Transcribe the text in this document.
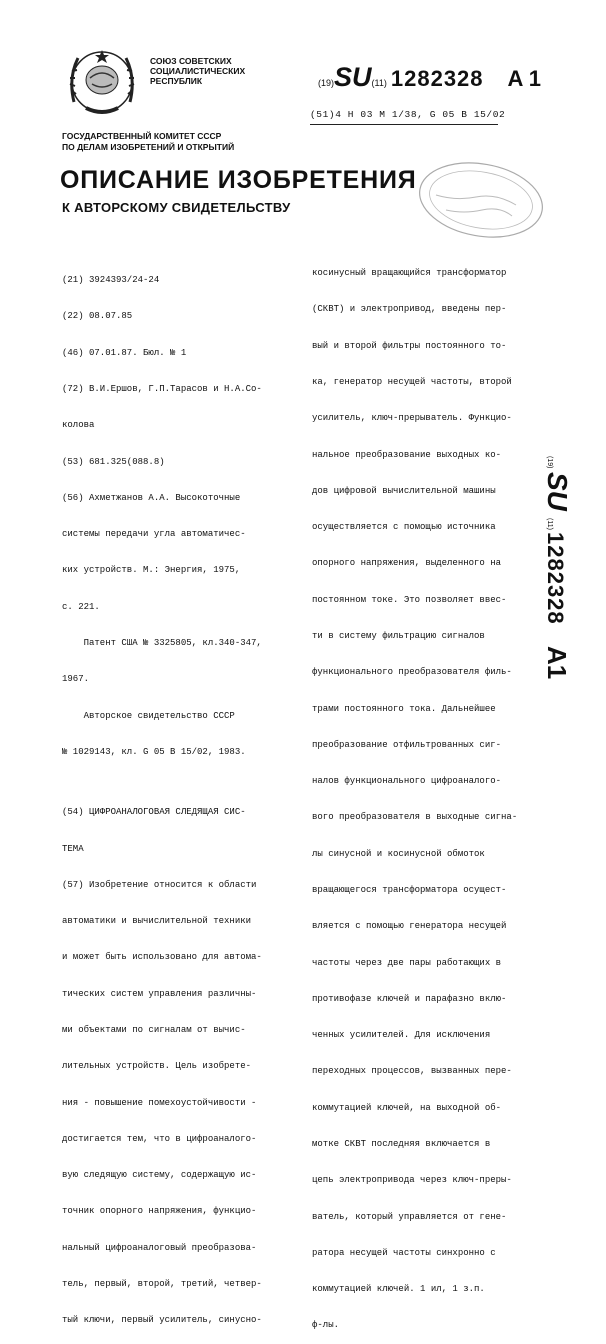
СОЮЗ СОВЕТСКИХ
СОЦИАЛИСТИЧЕСКИХ
РЕСПУБЛИК	(19)SU(11) 1282328 A 1
(51)4 Н 03 М 1/38, G 05 В 15/02
ГОСУДАРСТВЕННЫЙ КОМИТЕТ СССР
ПО ДЕЛАМ ИЗОБРЕТЕНИЙ И ОТКРЫТИЙ
ОПИСАНИЕ ИЗОБРЕТЕНИЯ
К АВТОРСКОМУ СВИДЕТЕЛЬСТВУ

(21) 3924393/24-24

(22) 08.07.85

(46) 07.01.87. Бюл. № 1

(72) В.И.Ершов, Г.П.Тарасов и Н.А.Со-

колова

(53) 681.325(088.8)

(56) Ахметжанов А.А. Высокоточные

системы передачи угла автоматичес-

ких устройств. М.: Энергия, 1975,

с. 221.

Патент США № 3325805, кл.340-347,

1967.

Авторское свидетельство СССР

№ 1029143, кл. G 05 В 15/02, 1983.

(54) ЦИФРОАНАЛОГОВАЯ СЛЕДЯЩАЯ СИС-

ТЕМА

(57) Изобретение относится к области

автоматики и вычислительной техники

и может быть использовано для автома-

тических систем управления различны-

ми объектами по сигналам от вычис-

лительных устройств. Цель изобрете-

ния - повышение помехоустойчивости -

достигается тем, что в цифроаналого-

вую следящую систему, содержащую ис-

точник опорного напряжения, функцио-

нальный цифроаналоговый преобразова-

тель, первый, второй, третий, четвер-

тый ключи, первый усилитель, синусно-

косинусный вращающийся трансформатор

(СКВТ) и электропривод, введены пер-

вый и второй фильтры постоянного то-

ка, генератор несущей частоты, второй

усилитель, ключ-прерыватель. Функцио-

нальное преобразование выходных ко-

дов цифровой вычислительной машины

осуществляется с помощью источника

опорного напряжения, выделенного на

постоянном токе. Это позволяет ввес-

ти в систему фильтрацию сигналов

функционального преобразователя филь-

трами постоянного тока. Дальнейшее

преобразование отфильтрованных сиг-

налов функционального цифроаналого-

вого преобразователя в выходные сигна-

лы синусной и косинусной обмоток

вращающегося трансформатора осущест-

вляется с помощью генератора несущей

частоты через две пары работающих в

противофазе ключей и парафазно вклю-

ченных усилителей. Для исключения

переходных процессов, вызванных пере-

коммутацией ключей, на выходной об-

мотке СКВТ последняя включается в

цепь электропривода через ключ-преры-

ватель, который управляется от гене-

ратора несущей частоты синхронно с

коммутацией ключей. 1 ил, 1 з.п.

ф-лы.

(19)
SU
(11)
1282328
A1
